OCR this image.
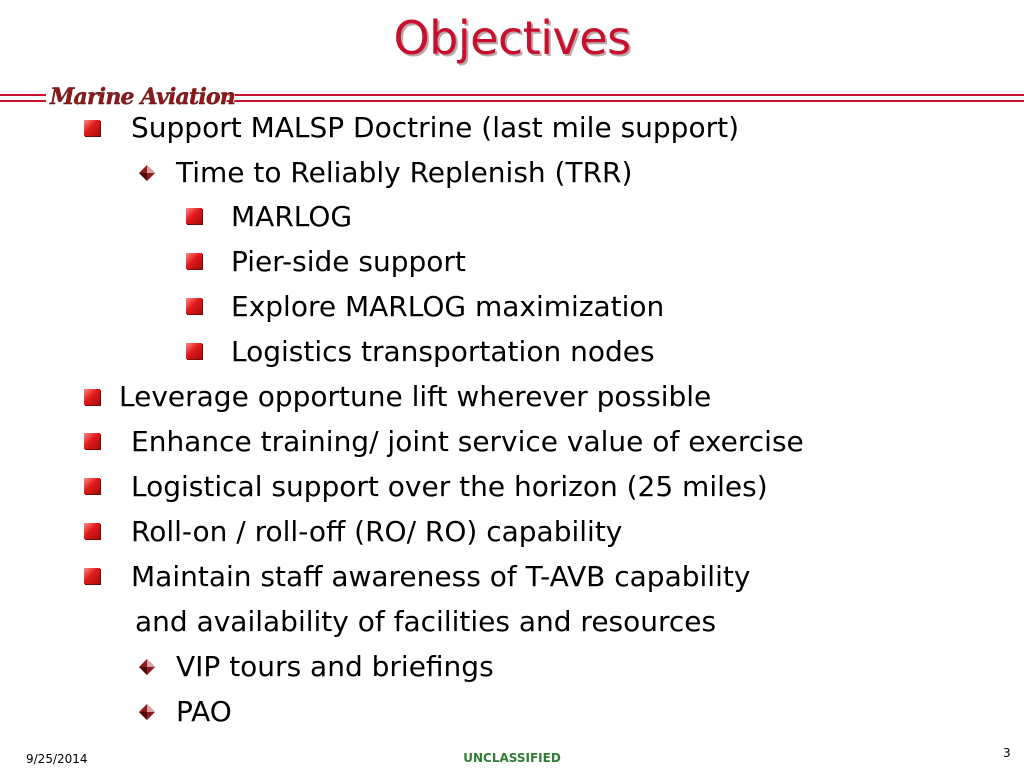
Objectives
Marine Aviation
Support MALSP Doctrine (last mile support)
Time to Reliably Replenish (TRR)
MARLOG
Pier-side support
Explore MARLOG maximization
Logistics transportation nodes
Leverage opportune lift wherever possible
Enhance training/ joint service value of exercise
Logistical support over the horizon (25 miles)
Roll-on / roll-off (RO/ RO) capability
Maintain staff awareness of T-AVB capability
and availability of facilities and resources
VIP tours and briefings
PAO
9/25/2014	UNCLASSIFIED	3
